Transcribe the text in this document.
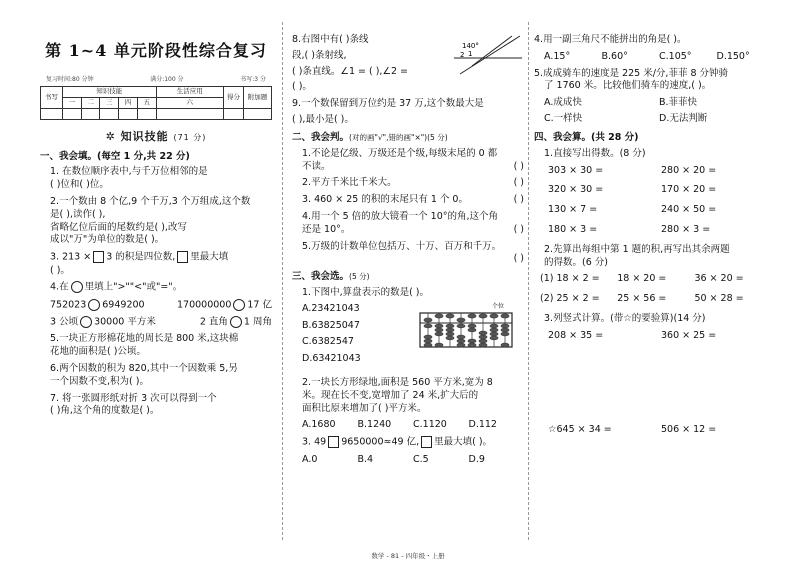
第 1~4 单元阶段性综合复习
复习时间:80 分钟	满分:100 分	书写:3 分
书写	知识技能					生活应用	得分	附加题
	一	二	三	四	五	六		

✲ 知识技能 (71 分)
一、我会填。(每空 1 分,共 22 分)
1. 在数位顺序表中,与千万位相邻的是
( )位和( )位。
2.一个数由 8 个亿,9 个千万,3 个万组成,这个数
是( ),读作( ),
省略亿位后面的尾数约是( ),改写
成以"万"为单位的数是( )。
3. 213 × 3 的积是四位数, 里最大填
( )。
4.在 里填上">""<"或"="。
752023 6949200	170000000 17 亿
3 公顷 30000 平方米	2 直角 1 周角
5.一块正方形棉花地的周长是 800 米,这块棉
花地的面积是( )公顷。
6.两个因数的积为 820,其中一个因数乘 5,另
一个因数不变,积为( )。
7. 将一张圆形纸对折 3 次可以得到一个
( )角,这个角的度数是( )。
140°
2 1
8.右图中有( )条线
段,( )条射线,
( )条直线。∠1 = ( ),∠2 =
( )。
9.一个数保留到万位约是 37 万,这个数最大是
( ),最小是( )。
二、我会判。(对的画"√",错的画"×")(5 分)
1.不论是亿级、万级还是个级,每级末尾的 0 都
不读。	( )
2.平方千米比千米大。	( )
3. 460 × 25 的积的末尾只有 1 个 0。	( )
4.用一个 5 倍的放大镜看一个 10°的角,这个角
还是 10°。	( )
5.万级的计数单位包括万、十万、百万和千万。
( )
三、我会选。(5 分)
1.下图中,算盘表示的数是( )。
A.23421043
B.63825047
C.6382547
D.63421043
个位
2.一块长方形绿地,面积是 560 平方米,宽为 8
米。现在长不变,宽增加了 24 米,扩大后的
面积比原来增加了( )平方米。
A.1680	B.1240	C.1120	D.112
3. 49 9650000≈49 亿, 里最大填( )。
A.0	B.4	C.5	D.9
4.用一副三角尺不能拼出的角是( )。
A.15°	B.60°	C.105°	D.150°
5.成成骑车的速度是 225 米/分,菲菲 8 分钟骑
了 1760 米。比较他们骑车的速度,( )。
A.成成快	B.菲菲快
C.一样快	D.无法判断
四、我会算。(共 28 分)
1.直接写出得数。(8 分)
303 × 30 =	280 × 20 =
320 × 30 =	170 × 20 =
130 × 7 =	240 × 50 =
180 × 3 =	280 × 3 =
2.先算出每组中第 1 题的积,再写出其余两题
的得数。(6 分)
(1) 18 × 2 =	18 × 20 =	36 × 20 =
(2) 25 × 2 =	25 × 56 =	50 × 28 =
3.列竖式计算。(带☆的要验算)(14 分)
208 × 35 =	360 × 25 =
☆645 × 34 =	506 × 12 =
数学 - 81 - 四年级・上册
